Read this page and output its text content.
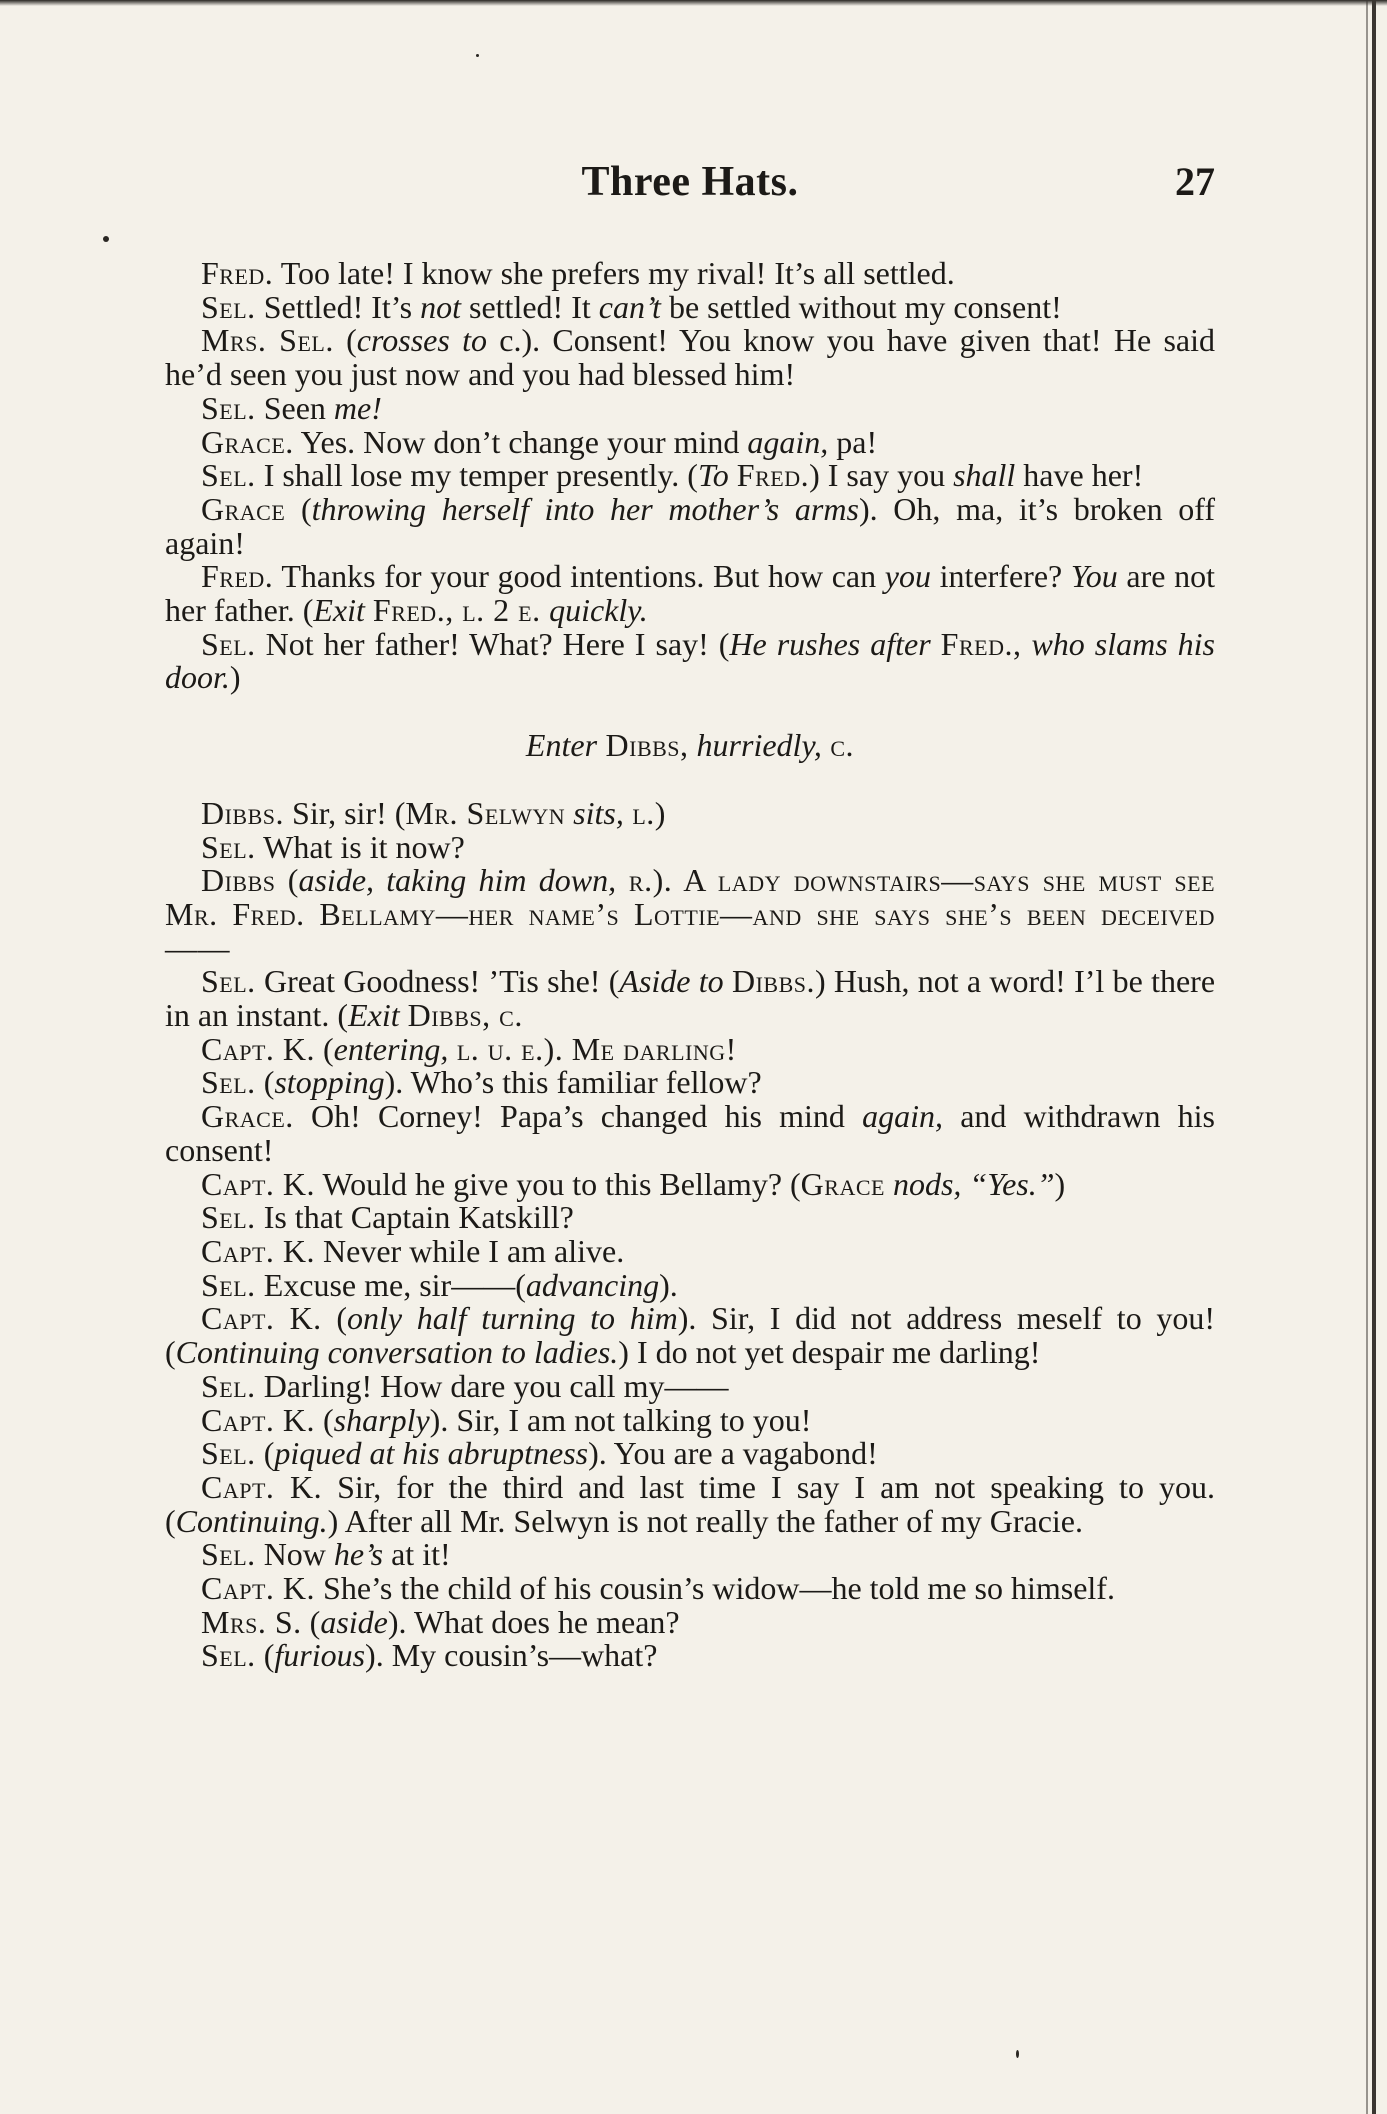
Three Hats.	27

Fred. Too late! I know she prefers my rival! It’s all settled.

Sel. Settled! It’s not settled! It can’t be settled without my consent!

Mrs. Sel. (crosses to c.). Consent! You know you have given that! He said he’d seen you just now and you had blessed him!

Sel. Seen me!

Grace. Yes. Now don’t change your mind again, pa!

Sel. I shall lose my temper presently. (To Fred.) I say you shall have her!

Grace (throwing herself into her mother’s arms). Oh, ma, it’s broken off again!

Fred. Thanks for your good intentions. But how can you interfere? You are not her father. (Exit Fred., l. 2 e. quickly.

Sel. Not her father! What? Here I say! (He rushes after Fred., who slams his door.)

Enter Dibbs, hurriedly, c.

Dibbs. Sir, sir! (Mr. Selwyn sits, l.)

Sel. What is it now?

Dibbs (aside, taking him down, r.). A lady downstairs—says she must see Mr. Fred. Bellamy—her name’s Lottie—and she says she’s been deceived——

Sel. Great Goodness! ’Tis she! (Aside to Dibbs.) Hush, not a word! I’l be there in an instant. (Exit Dibbs, c.

Capt. K. (entering, l. u. e.). Me darling!

Sel. (stopping). Who’s this familiar fellow?

Grace. Oh! Corney! Papa’s changed his mind again, and withdrawn his consent!

Capt. K. Would he give you to this Bellamy? (Grace nods, “Yes.”)

Sel. Is that Captain Katskill?

Capt. K. Never while I am alive.

Sel. Excuse me, sir——(advancing).

Capt. K. (only half turning to him). Sir, I did not address meself to you! (Continuing conversation to ladies.) I do not yet despair me darling!

Sel. Darling! How dare you call my——

Capt. K. (sharply). Sir, I am not talking to you!

Sel. (piqued at his abruptness). You are a vagabond!

Capt. K. Sir, for the third and last time I say I am not speaking to you. (Continuing.) After all Mr. Selwyn is not really the father of my Gracie.

Sel. Now he’s at it!

Capt. K. She’s the child of his cousin’s widow—he told me so himself.

Mrs. S. (aside). What does he mean?

Sel. (furious). My cousin’s—what?
